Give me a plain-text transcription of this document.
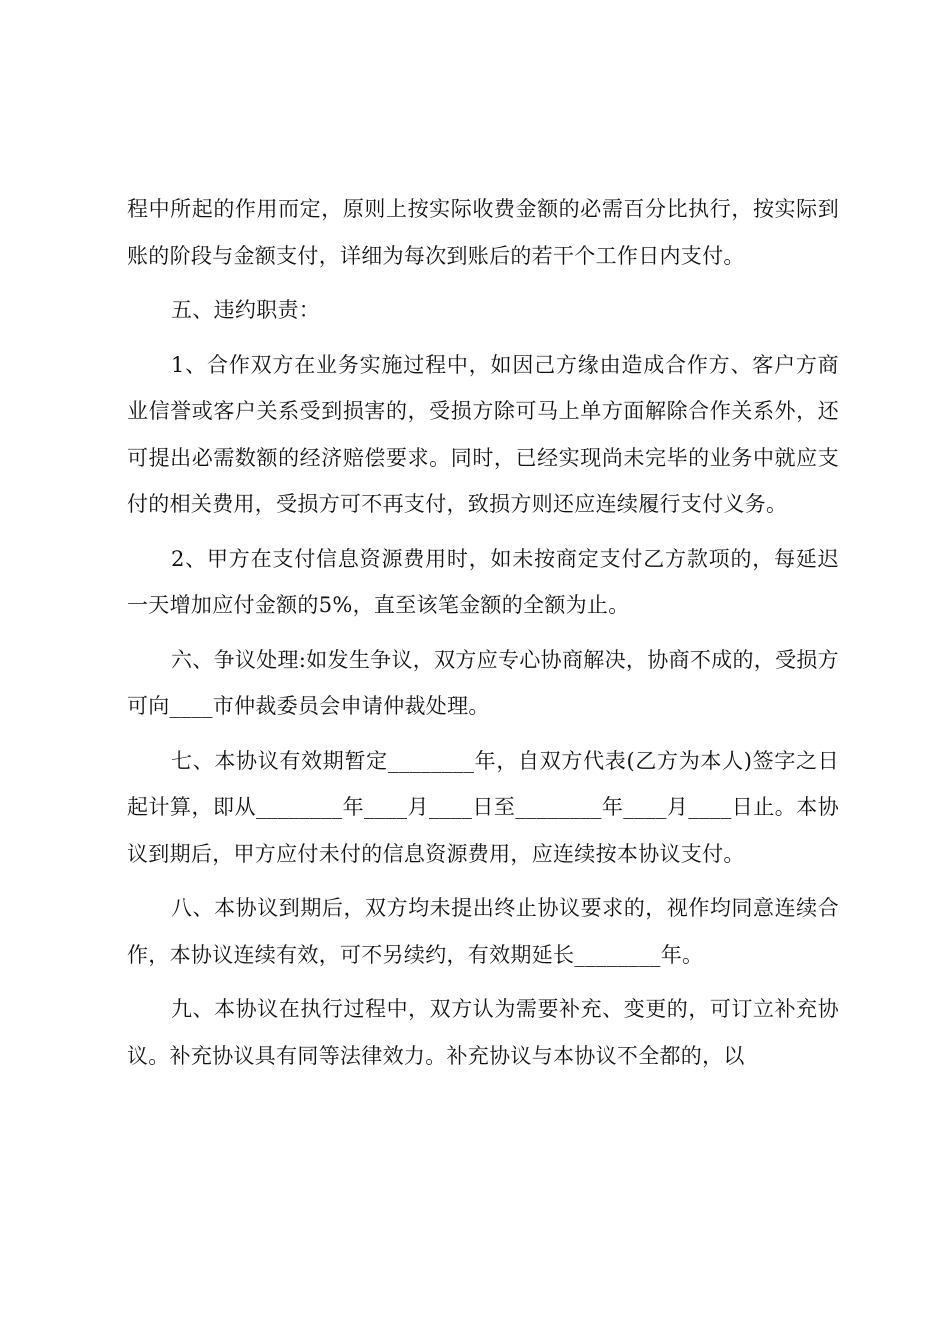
程中所起的作用而定，原则上按实际收费金额的必需百分比执行，按实际到账的阶段与金额支付，详细为每次到账后的若干个工作日内支付。

五、违约职责：

1、合作双方在业务实施过程中，如因己方缘由造成合作方、客户方商业信誉或客户关系受到损害的，受损方除可马上单方面解除合作关系外，还可提出必需数额的经济赔偿要求。同时，已经实现尚未完毕的业务中就应支付的相关费用，受损方可不再支付，致损方则还应连续履行支付义务。

2、甲方在支付信息资源费用时，如未按商定支付乙方款项的，每延迟一天增加应付金额的5%，直至该笔金额的全额为止。

六、争议处理:如发生争议，双方应专心协商解决，协商不成的，受损方可向____市仲裁委员会申请仲裁处理。

七、本协议有效期暂定________年，自双方代表(乙方为本人)签字之日起计算，即从________年____月____日至________年____月____日止。本协议到期后，甲方应付未付的信息资源费用，应连续按本协议支付。

八、本协议到期后，双方均未提出终止协议要求的，视作均同意连续合作，本协议连续有效，可不另续约，有效期延长________年。

九、本协议在执行过程中，双方认为需要补充、变更的，可订立补充协议。补充协议具有同等法律效力。补充协议与本协议不全都的，以
